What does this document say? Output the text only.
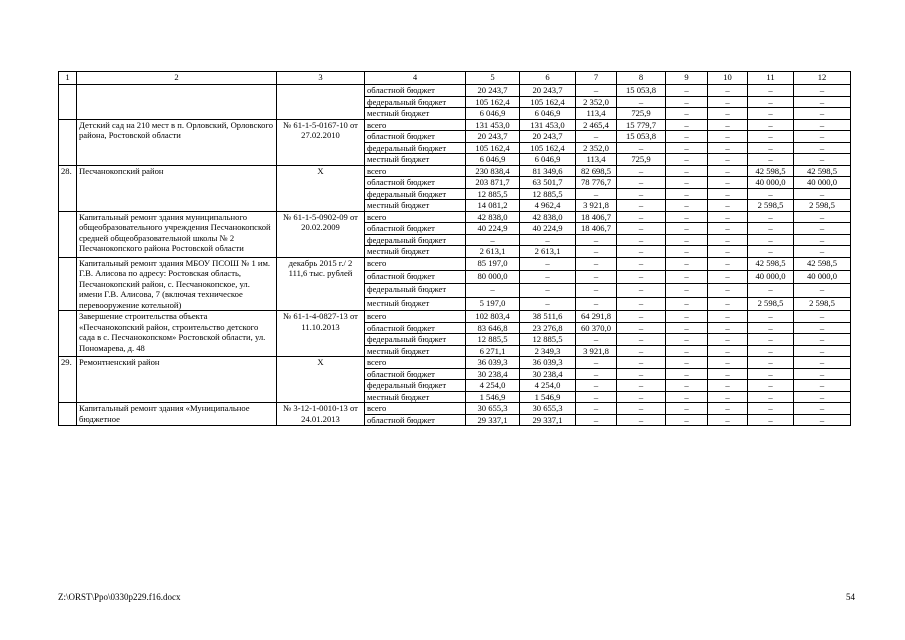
1	2	3	4	5	6	7	8	9	10	11	12
			областной бюджет	20 243,7	20 243,7	–	15 053,8	–	–	–	–
			федеральный бюджет	105 162,4	105 162,4	2 352,0	–	–	–	–	–
			местный бюджет	6 046,9	6 046,9	113,4	725,9	–	–	–	–
	Детский сад на 210 мест в п. Орловский, Орловского района, Ростовской области	№ 61-1-5-0167-10 от 27.02.2010	всего	131 453,0	131 453,0	2 465,4	15 779,7	–	–	–	–
			областной бюджет	20 243,7	20 243,7	–	15 053,8	–	–	–	–
			федеральный бюджет	105 162,4	105 162,4	2 352,0	–	–	–	–	–
			местный бюджет	6 046,9	6 046,9	113,4	725,9	–	–	–	–
28.	Песчанокопский район	X	всего	230 838,4	81 349,6	82 698,5	–	–	–	42 598,5	42 598,5
			областной бюджет	203 871,7	63 501,7	78 776,7	–	–	–	40 000,0	40 000,0
			федеральный бюджет	12 885,5	12 885,5	–	–	–	–	–	–
			местный бюджет	14 081,2	4 962,4	3 921,8	–	–	–	2 598,5	2 598,5
	Капитальный ремонт здания муниципального общеобразовательного учреждения Песчанокопской средней общеобразовательной школы № 2 Песчанокопского района Ростовской области	№ 61-1-5-0902-09 от 20.02.2009	всего	42 838,0	42 838,0	18 406,7	–	–	–	–	–
			областной бюджет	40 224,9	40 224,9	18 406,7	–	–	–	–	–
			федеральный бюджет	–	–	–	–	–	–	–	–
			местный бюджет	2 613,1	2 613,1	–	–	–	–	–	–
	Капитальный ремонт здания МБОУ ПСОШ № 1 им. Г.В. Алисова по адресу: Ростовская область, Песчанокопский район, с. Песчанокопское, ул. имени Г.В. Алисова, 7 (включая техническое перевооружение котельной)	декабрь 2015 г./ 2 111,6 тыс. рублей	всего	85 197,0	–	–	–	–	–	42 598,5	42 598,5
			областной бюджет	80 000,0	–	–	–	–	–	40 000,0	40 000,0
			федеральный бюджет	–	–	–	–	–	–	–	–
			местный бюджет	5 197,0	–	–	–	–	–	2 598,5	2 598,5
	Завершение строительства объекта «Песчанокопский район, строительство детского сада в с. Песчанокопском» Ростовской области, ул. Пономарева, д. 48	№ 61-1-4-0827-13 от 11.10.2013	всего	102 803,4	38 511,6	64 291,8	–	–	–	–	–
			областной бюджет	83 646,8	23 276,8	60 370,0	–	–	–	–	–
			федеральный бюджет	12 885,5	12 885,5	–	–	–	–	–	–
			местный бюджет	6 271,1	2 349,3	3 921,8	–	–	–	–	–
29.	Ремонтненский район	X	всего	36 039,3	36 039,3	–	–	–	–	–	–
			областной бюджет	30 238,4	30 238,4	–	–	–	–	–	–
			федеральный бюджет	4 254,0	4 254,0	–	–	–	–	–	–
			местный бюджет	1 546,9	1 546,9	–	–	–	–	–	–
	Капитальный ремонт здания «Муниципальное бюджетное	№ 3-12-1-0010-13 от 24.01.2013	всего	30 655,3	30 655,3	–	–	–	–	–	–
			областной бюджет	29 337,1	29 337,1	–	–	–	–	–	–
Z:\ORST\Ppo\0330p229.f16.docx	54
